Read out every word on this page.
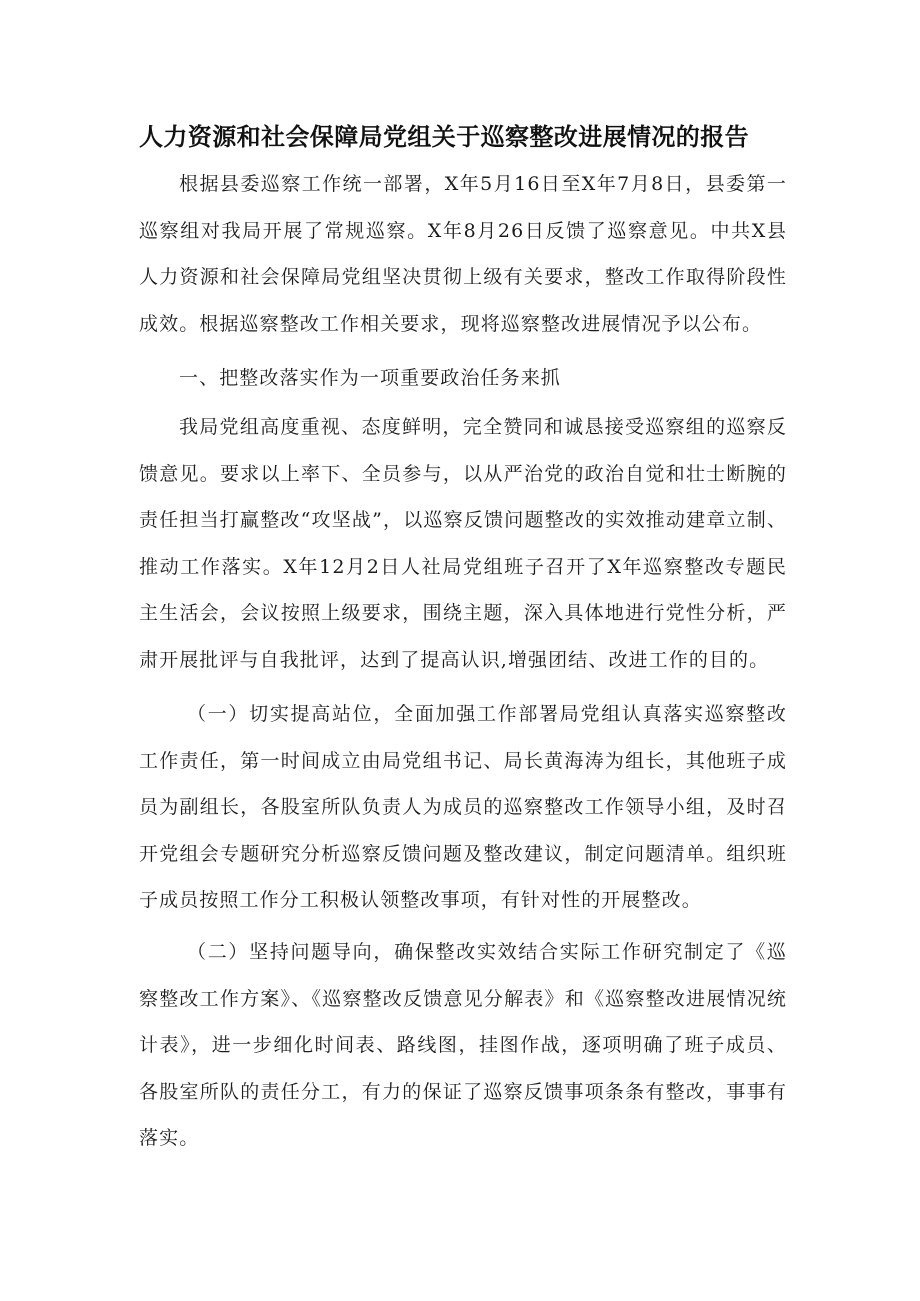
人力资源和社会保障局党组关于巡察整改进展情况的报告

根据县委巡察工作统一部署，X年5月16日至X年7月8日，县委第一巡察组对我局开展了常规巡察。X年8月26日反馈了巡察意见。中共X县人力资源和社会保障局党组坚决贯彻上级有关要求，整改工作取得阶段性成效。根据巡察整改工作相关要求，现将巡察整改进展情况予以公布。

一、把整改落实作为一项重要政治任务来抓

我局党组高度重视、态度鲜明，完全赞同和诚恳接受巡察组的巡察反馈意见。要求以上率下、全员参与，以从严治党的政治自觉和壮士断腕的责任担当打赢整改“攻坚战”，以巡察反馈问题整改的实效推动建章立制、推动工作落实。X年12月2日人社局党组班子召开了X年巡察整改专题民主生活会，会议按照上级要求，围绕主题，深入具体地进行党性分析，严肃开展批评与自我批评，达到了提高认识,增强团结、改进工作的目的。

（一）切实提高站位，全面加强工作部署局党组认真落实巡察整改工作责任，第一时间成立由局党组书记、局长黄海涛为组长，其他班子成员为副组长，各股室所队负责人为成员的巡察整改工作领导小组，及时召开党组会专题研究分析巡察反馈问题及整改建议，制定问题清单。组织班子成员按照工作分工积极认领整改事项，有针对性的开展整改。

（二）坚持问题导向，确保整改实效结合实际工作研究制定了《巡察整改工作方案》、《巡察整改反馈意见分解表》和《巡察整改进展情况统计表》，进一步细化时间表、路线图，挂图作战，逐项明确了班子成员、各股室所队的责任分工，有力的保证了巡察反馈事项条条有整改，事事有落实。
